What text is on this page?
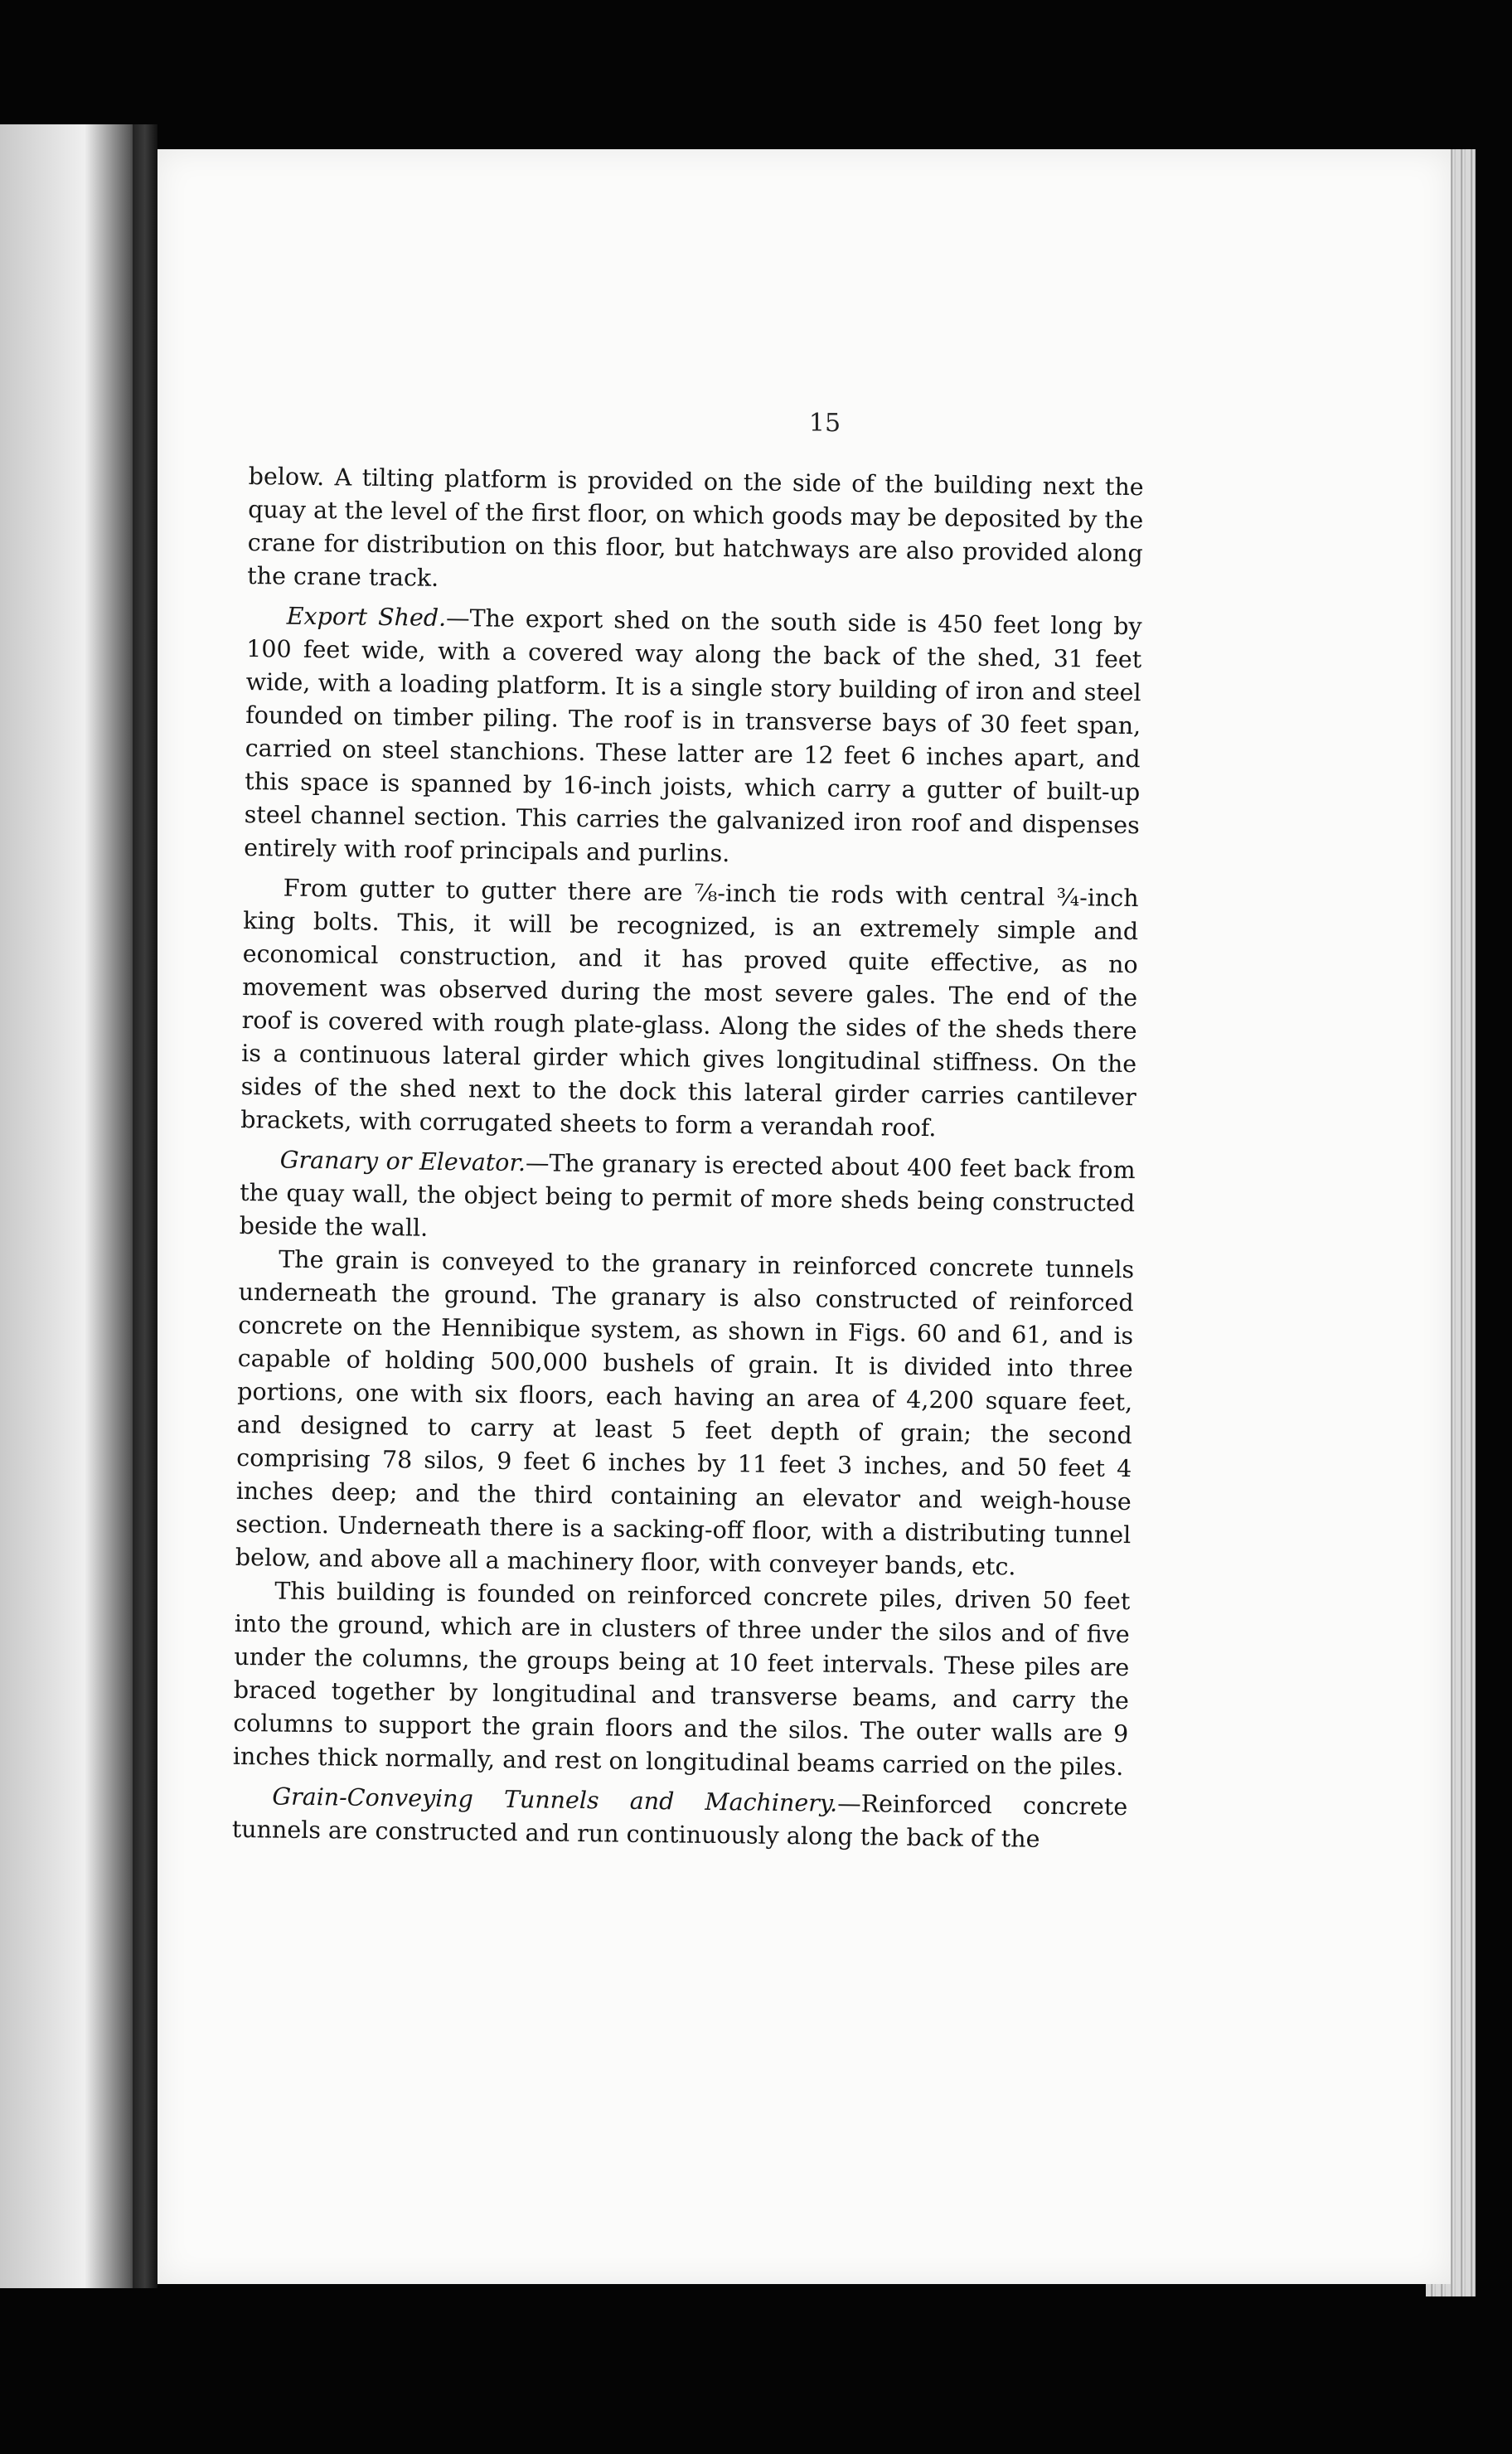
15

below. A tilting platform is provided on the side of the building next the quay at the level of the first floor, on which goods may be deposited by the crane for distribution on this floor, but hatchways are also provided along the crane track.

Export Shed.—The export shed on the south side is 450 feet long by 100 feet wide, with a covered way along the back of the shed, 31 feet wide, with a loading platform. It is a single story building of iron and steel founded on timber piling. The roof is in transverse bays of 30 feet span, carried on steel stanchions. These latter are 12 feet 6 inches apart, and this space is spanned by 16-inch joists, which carry a gutter of built-up steel channel section. This carries the galvanized iron roof and dispenses entirely with roof principals and purlins.

From gutter to gutter there are ⅞-inch tie rods with central ¾-inch king bolts. This, it will be recognized, is an extremely simple and economical construction, and it has proved quite effective, as no movement was observed during the most severe gales. The end of the roof is covered with rough plate-glass. Along the sides of the sheds there is a continuous lateral girder which gives longitudinal stiffness. On the sides of the shed next to the dock this lateral girder carries cantilever brackets, with corrugated sheets to form a verandah roof.

Granary or Elevator.—The granary is erected about 400 feet back from the quay wall, the object being to permit of more sheds being constructed beside the wall.

The grain is conveyed to the granary in reinforced concrete tunnels underneath the ground. The granary is also constructed of reinforced concrete on the Hennibique system, as shown in Figs. 60 and 61, and is capable of holding 500,000 bushels of grain. It is divided into three portions, one with six floors, each having an area of 4,200 square feet, and designed to carry at least 5 feet depth of grain; the second comprising 78 silos, 9 feet 6 inches by 11 feet 3 inches, and 50 feet 4 inches deep; and the third containing an elevator and weigh-house section. Underneath there is a sacking-off floor, with a distributing tunnel below, and above all a machinery floor, with conveyer bands, etc.

This building is founded on reinforced concrete piles, driven 50 feet into the ground, which are in clusters of three under the silos and of five under the columns, the groups being at 10 feet intervals. These piles are braced together by longitudinal and transverse beams, and carry the columns to support the grain floors and the silos. The outer walls are 9 inches thick normally, and rest on longitudinal beams carried on the piles.

Grain-Conveying Tunnels and Machinery.—Reinforced concrete tunnels are constructed and run continuously along the back of the
